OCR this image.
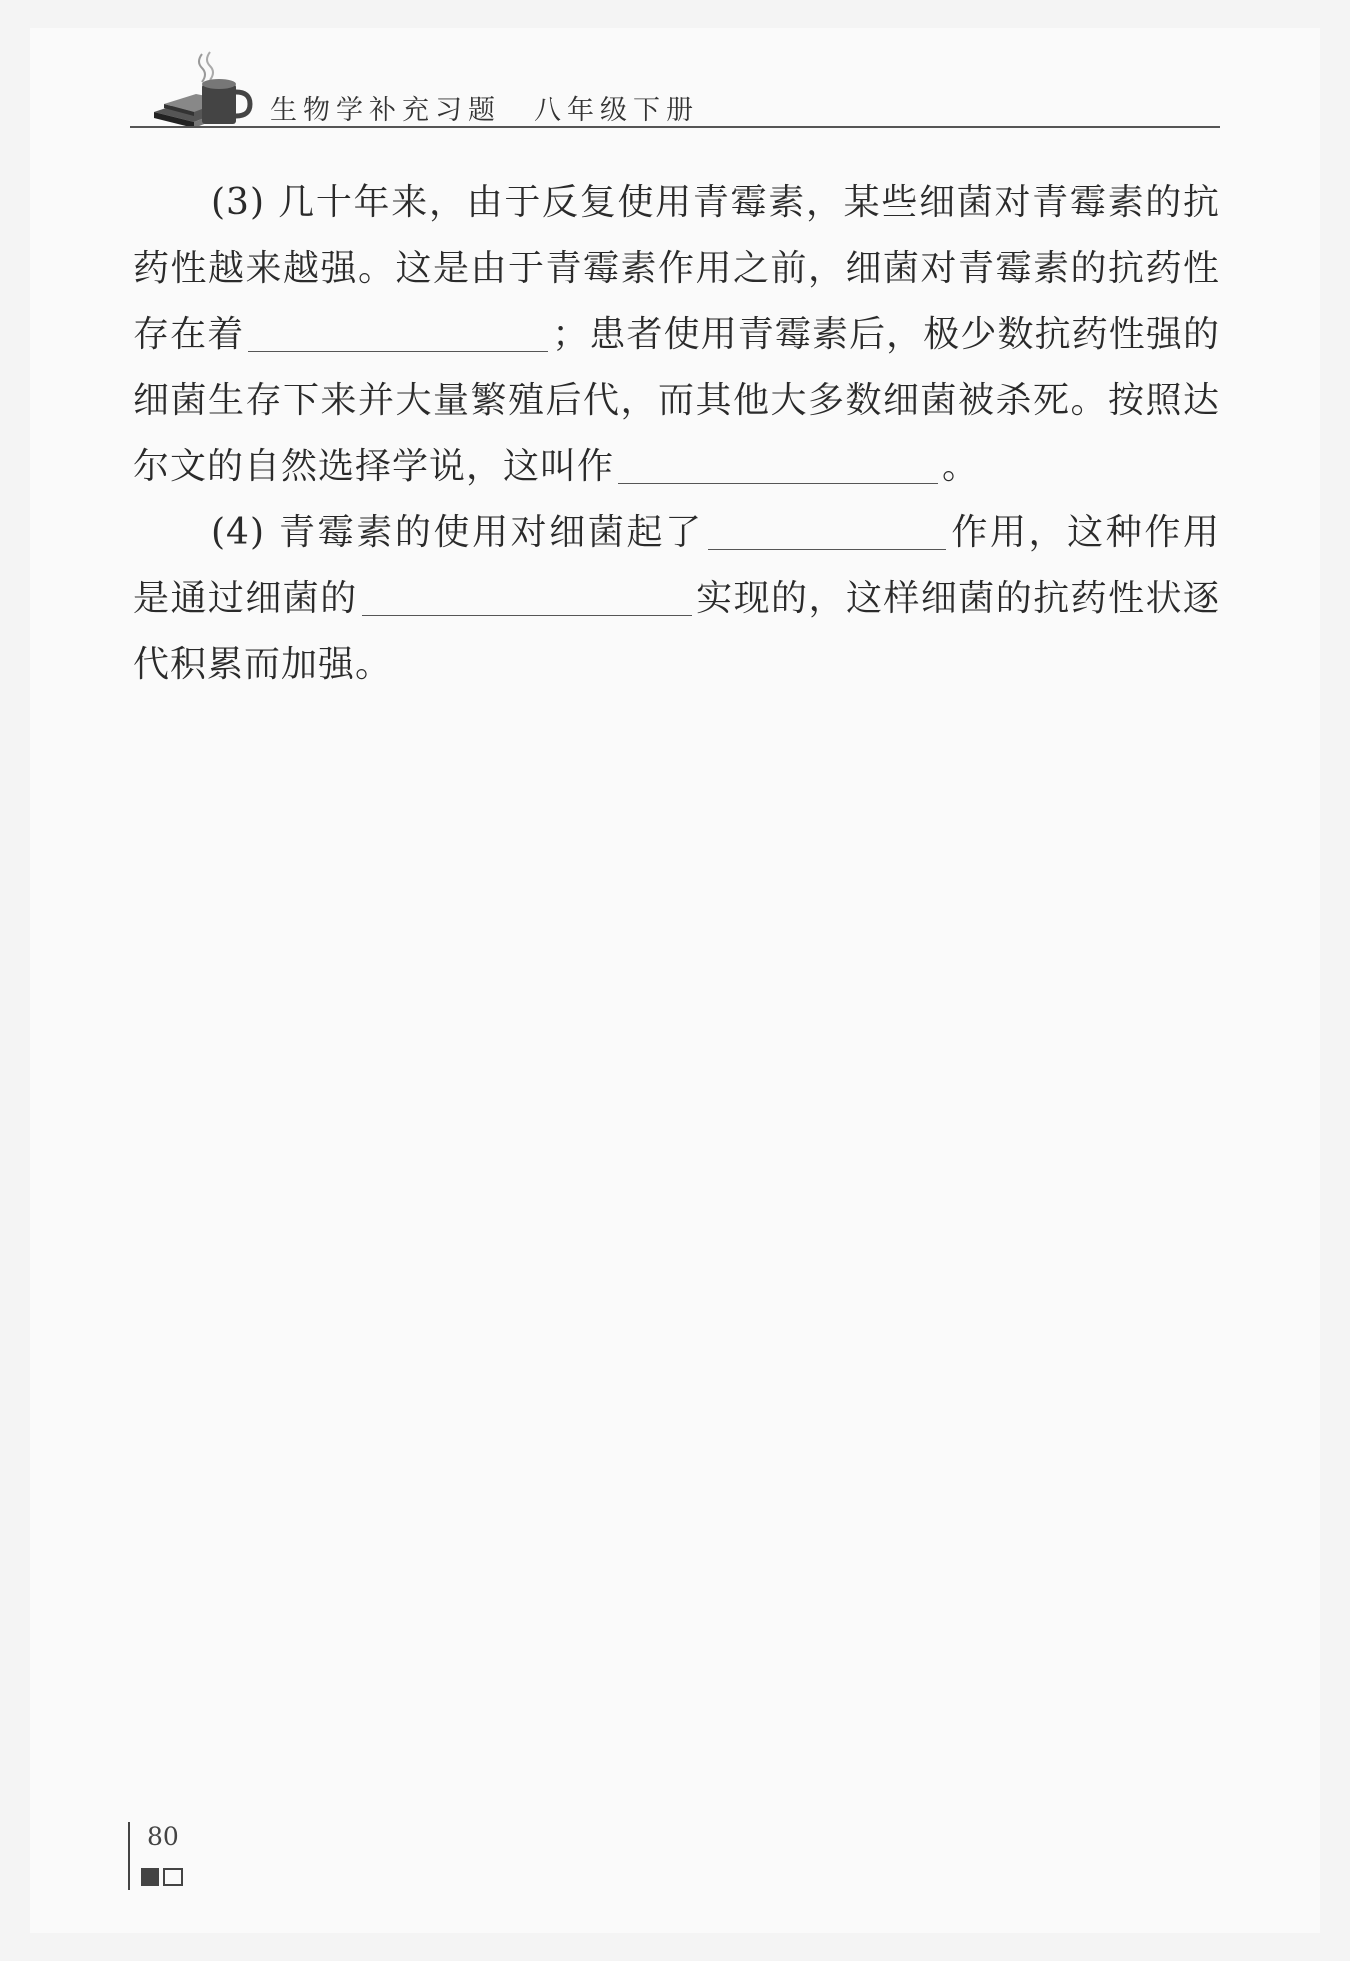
生物学补充习题　八年级下册

(3) 几十年来，由于反复使用青霉素，某些细菌对青霉素的抗药性越来越强。这是由于青霉素作用之前，细菌对青霉素的抗药性存在着	；患者使用青霉素后，极少数抗药性强的细菌生存下来并大量繁殖后代，而其他大多数细菌被杀死。按照达尔文的自然选择学说，这叫作	。

(4) 青霉素的使用对细菌起了	作用，这种作用是通过细菌的	实现的，这样细菌的抗药性状逐代积累而加强。

80
